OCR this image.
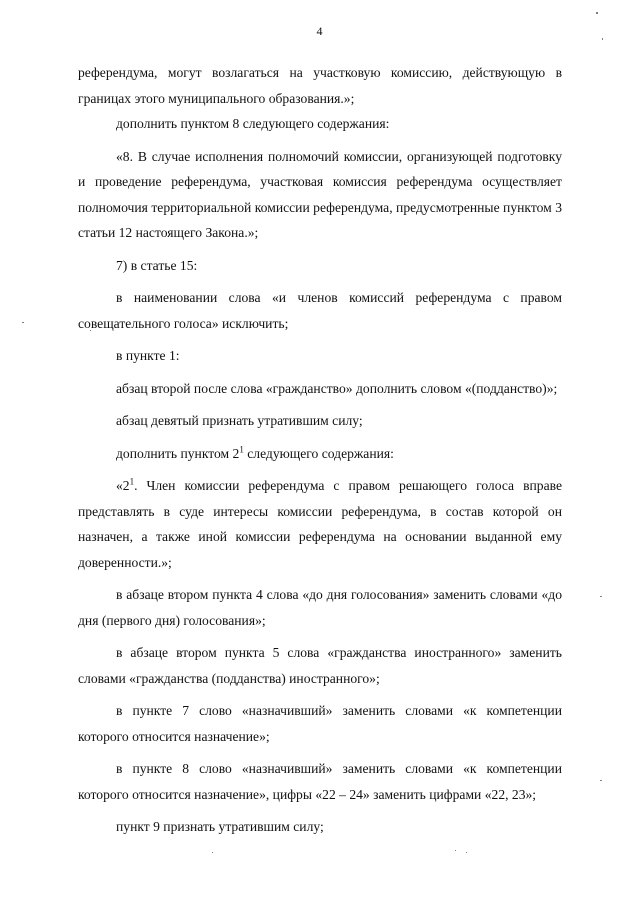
4

референдума, могут возлагаться на участковую комиссию, действующую в границах этого муниципального образования.»;

дополнить пунктом 8 следующего содержания:

«8. В случае исполнения полномочий комиссии, организующей подготовку и проведение референдума, участковая комиссия референдума осуществляет полномочия территориальной комиссии референдума, предусмотренные пунктом 3 статьи 12 настоящего Закона.»;

7) в статье 15:

в наименовании слова «и членов комиссий референдума с правом совещательного голоса» исключить;

в пункте 1:

абзац второй после слова «гражданство» дополнить словом «(подданство)»;

абзац девятый признать утратившим силу;

дополнить пунктом $2^1$ следующего содержания:

«$2^1$. Член комиссии референдума с правом решающего голоса вправе представлять в суде интересы комиссии референдума, в состав которой он назначен, а также иной комиссии референдума на основании выданной ему доверенности.»;

в абзаце втором пункта 4 слова «до дня голосования» заменить словами «до дня (первого дня) голосования»;

в абзаце втором пункта 5 слова «гражданства иностранного» заменить словами «гражданства (подданства) иностранного»;

в пункте 7 слово «назначивший» заменить словами «к компетенции которого относится назначение»;

в пункте 8 слово «назначивший» заменить словами «к компетенции которого относится назначение», цифры «22 – 24» заменить цифрами «22, 23»;

пункт 9 признать утратившим силу;
